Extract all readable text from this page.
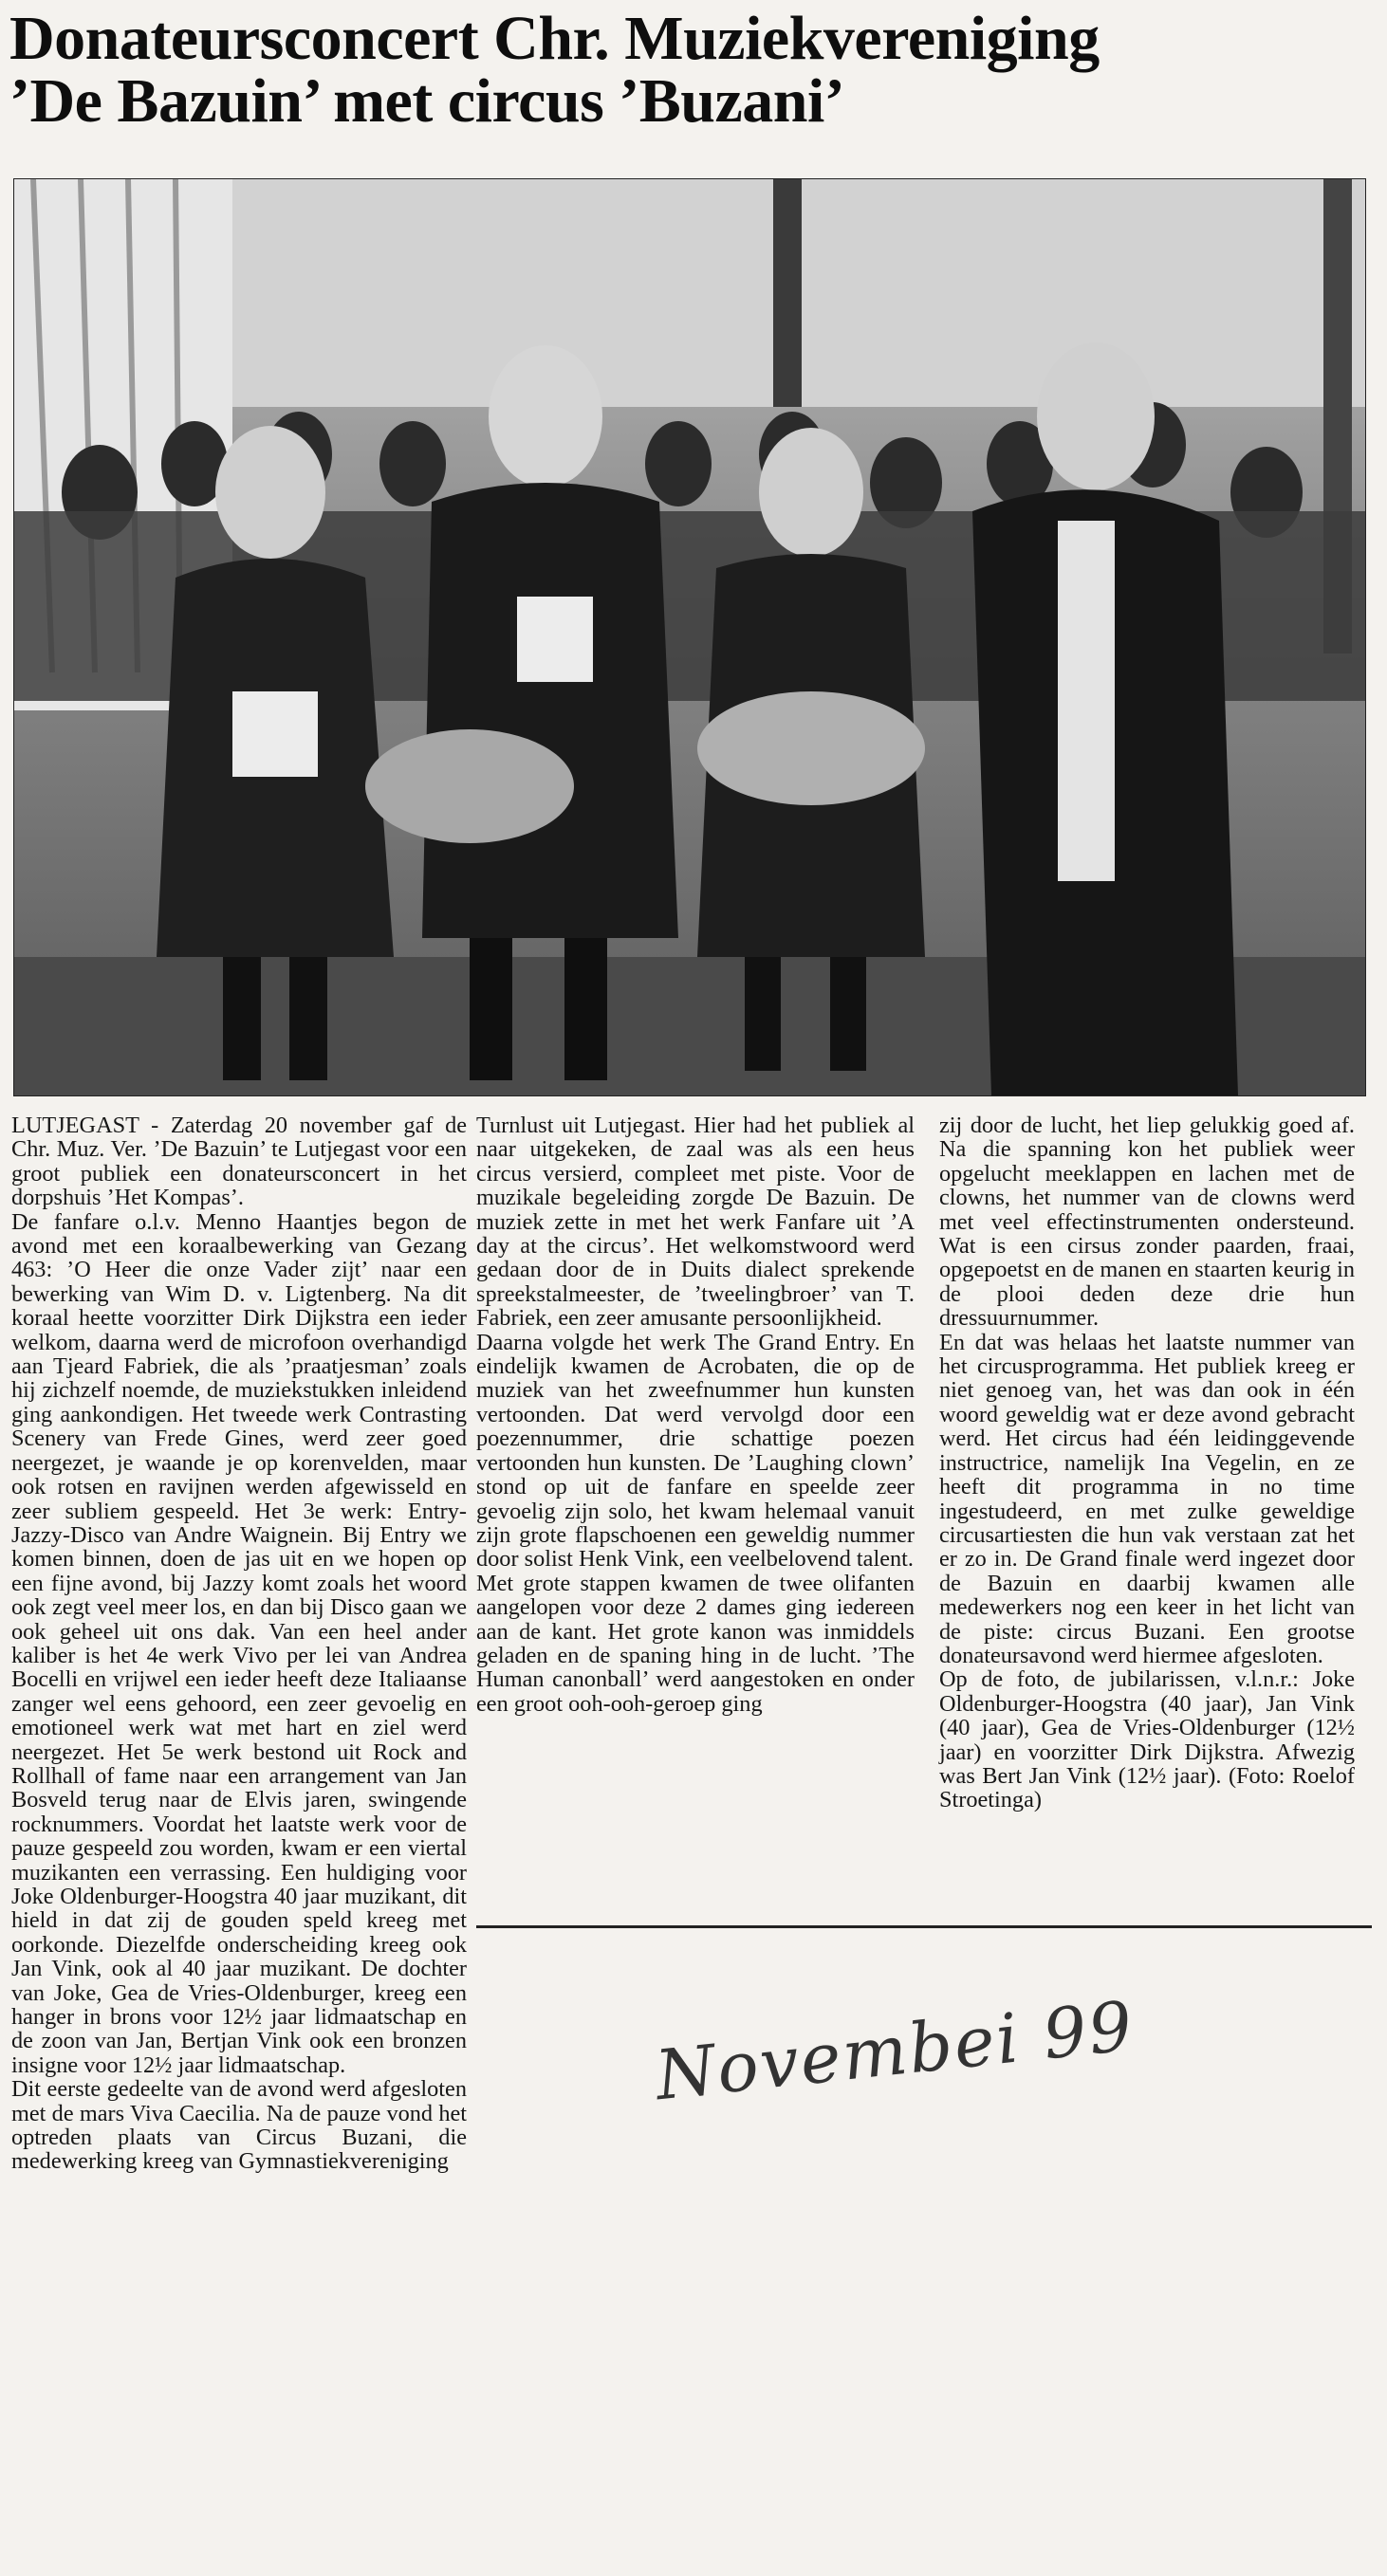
Donateursconcert Chr. Muziekvereniging
’De Bazuin’ met circus ’Buzani’

LUTJEGAST - Zaterdag 20 november gaf de Chr. Muz. Ver. ’De Bazuin’ te Lutjegast voor een groot publiek een donateursconcert in het dorpshuis ’Het Kompas’.

De fanfare o.l.v. Menno Haantjes begon de avond met een koraalbewerking van Gezang 463: ’O Heer die onze Vader zijt’ naar een bewerking van Wim D. v. Ligtenberg. Na dit koraal heette voorzitter Dirk Dijkstra een ieder welkom, daarna werd de microfoon overhandigd aan Tjeard Fabriek, die als ’praatjesman’ zoals hij zichzelf noemde, de muziekstukken inleidend ging aankondigen. Het tweede werk Contrasting Scenery van Frede Gines, werd zeer goed neergezet, je waande je op korenvelden, maar ook rotsen en ravijnen werden afgewisseld en zeer subliem gespeeld. Het 3e werk: Entry-Jazzy-Disco van Andre Waignein. Bij Entry we komen binnen, doen de jas uit en we hopen op een fijne avond, bij Jazzy komt zoals het woord ook zegt veel meer los, en dan bij Disco gaan we ook geheel uit ons dak. Van een heel ander kaliber is het 4e werk Vivo per lei van Andrea Bocelli en vrijwel een ieder heeft deze Italiaanse zanger wel eens gehoord, een zeer gevoelig en emotioneel werk wat met hart en ziel werd neergezet. Het 5e werk bestond uit Rock and Rollhall of fame naar een arrangement van Jan Bosveld terug naar de Elvis jaren, swingende rocknummers. Voordat het laatste werk voor de pauze gespeeld zou worden, kwam er een viertal muzikanten een verrassing. Een huldiging voor Joke Oldenburger-Hoogstra 40 jaar muzikant, dit hield in dat zij de gouden speld kreeg met oorkonde. Diezelfde onderscheiding kreeg ook Jan Vink, ook al 40 jaar muzikant. De dochter van Joke, Gea de Vries-Oldenburger, kreeg een hanger in brons voor 12½ jaar lidmaatschap en de zoon van Jan, Bertjan Vink ook een bronzen insigne voor 12½ jaar lidmaatschap.

Dit eerste gedeelte van de avond werd afgesloten met de mars Viva Caecilia. Na de pauze vond het optreden plaats van Circus Buzani, die medewerking kreeg van Gymnastiekvereniging

Turnlust uit Lutjegast. Hier had het publiek al naar uitgekeken, de zaal was als een heus circus versierd, compleet met piste. Voor de muzikale begeleiding zorgde De Bazuin. De muziek zette in met het werk Fanfare uit ’A day at the circus’. Het welkomstwoord werd gedaan door de in Duits dialect sprekende spreekstalmeester, de ’tweelingbroer’ van T. Fabriek, een zeer amusante persoonlijkheid.

Daarna volgde het werk The Grand Entry. En eindelijk kwamen de Acrobaten, die op de muziek van het zweefnummer hun kunsten vertoonden. Dat werd vervolgd door een poezennummer, drie schattige poezen vertoonden hun kunsten. De ’Laughing clown’ stond op uit de fanfare en speelde zeer gevoelig zijn solo, het kwam helemaal vanuit zijn grote flapschoenen een geweldig nummer door solist Henk Vink, een veelbelovend talent.

Met grote stappen kwamen de twee olifanten aangelopen voor deze 2 dames ging iedereen aan de kant. Het grote kanon was inmiddels geladen en de spaning hing in de lucht. ’The Human canonball’ werd aangestoken en onder een groot ooh-ooh-geroep ging

zij door de lucht, het liep gelukkig goed af. Na die spanning kon het publiek weer opgelucht meeklappen en lachen met de clowns, het nummer van de clowns werd met veel effectinstrumenten ondersteund. Wat is een cirsus zonder paarden, fraai, opgepoetst en de manen en staarten keurig in de plooi deden deze drie hun dressuurnummer.

En dat was helaas het laatste nummer van het circusprogramma. Het publiek kreeg er niet genoeg van, het was dan ook in één woord geweldig wat er deze avond gebracht werd. Het circus had één leidinggevende instructrice, namelijk Ina Vegelin, en ze heeft dit programma in no time ingestudeerd, en met zulke geweldige circusartiesten die hun vak verstaan zat het er zo in. De Grand finale werd ingezet door de Bazuin en daarbij kwamen alle medewerkers nog een keer in het licht van de piste: circus Buzani. Een grootse donateursavond werd hiermee afgesloten.

Op de foto, de jubilarissen, v.l.n.r.: Joke Oldenburger-Hoogstra (40 jaar), Jan Vink (40 jaar), Gea de Vries-Oldenburger (12½ jaar) en voorzitter Dirk Dijkstra. Afwezig was Bert Jan Vink (12½ jaar). (Foto: Roelof Stroetinga)

Novembei 99
